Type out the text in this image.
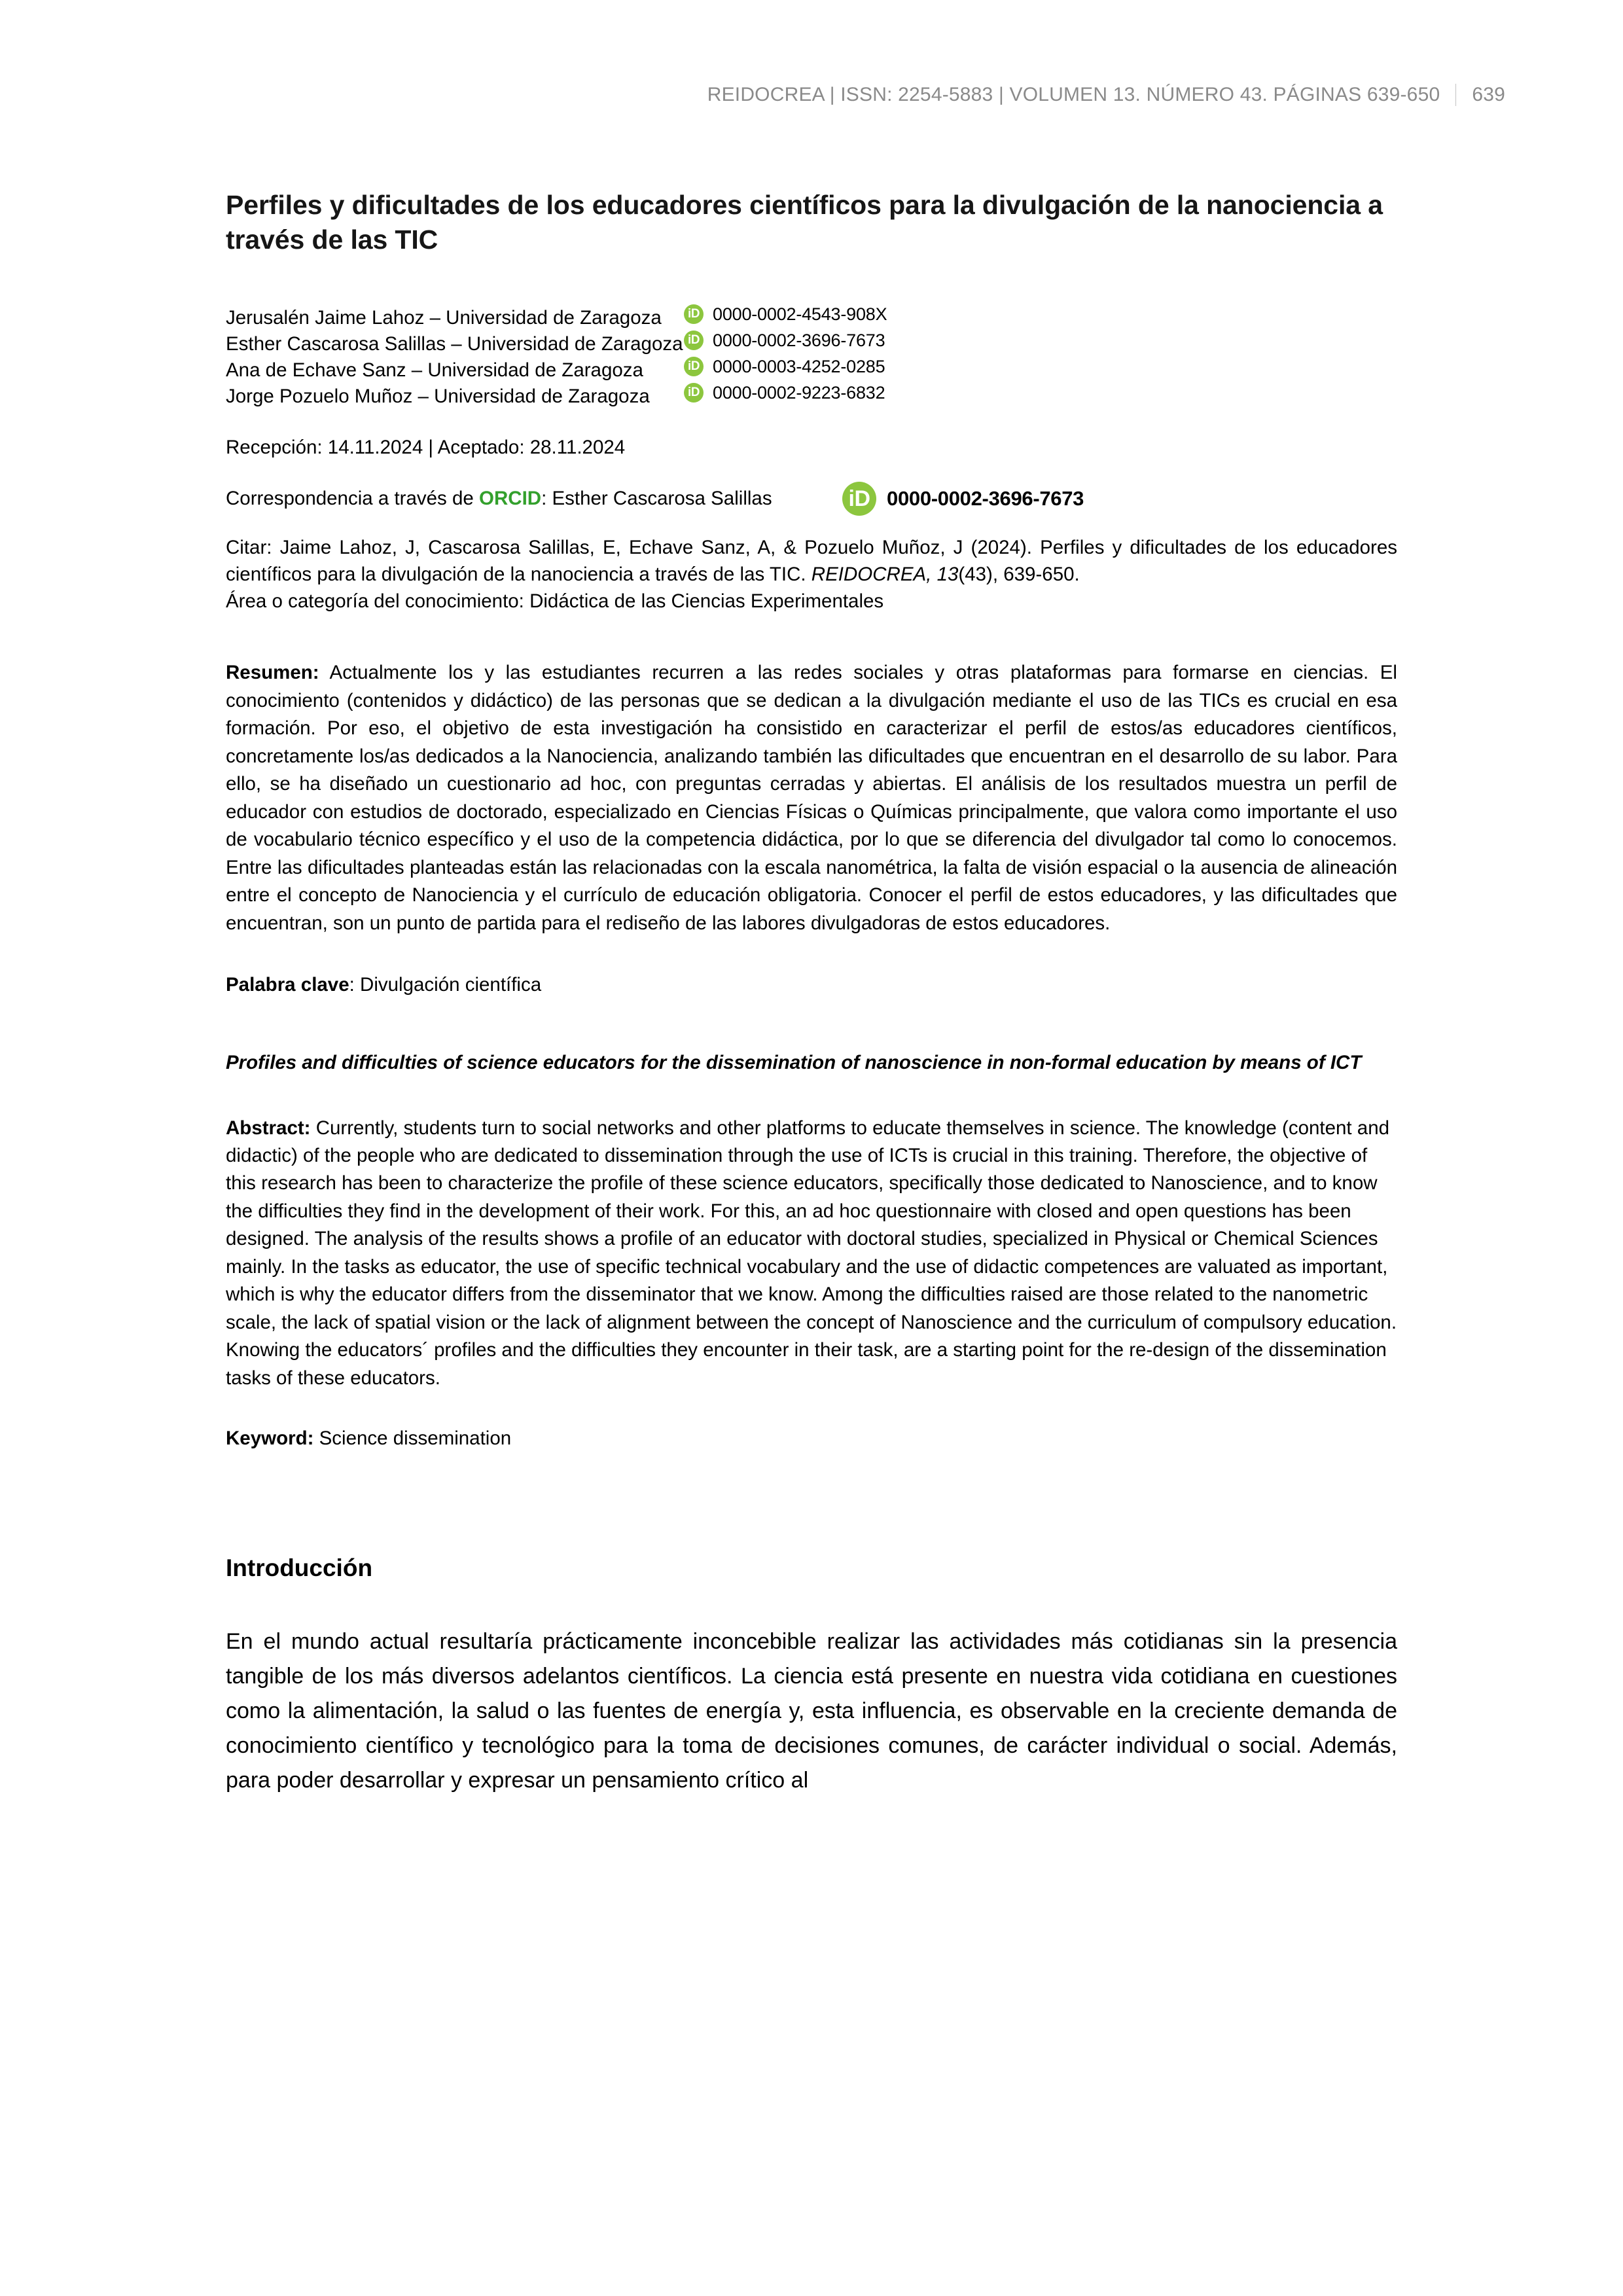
REIDOCREA | ISSN: 2254-5883 | VOLUMEN 13. NÚMERO 43. PÁGINAS 639-650 639
Perfiles y dificultades de los educadores científicos para la divulgación de la nanociencia a través de las TIC
Jerusalén Jaime Lahoz – Universidad de Zaragoza	iD 0000-0002-4543-908X
Esther Cascarosa Salillas – Universidad de Zaragoza iD 0000-0002-3696-7673
Ana de Echave Sanz – Universidad de Zaragoza	iD 0000-0003-4252-0285
Jorge Pozuelo Muñoz – Universidad de Zaragoza	iD 0000-0002-9223-6832
Recepción: 14.11.2024 | Aceptado: 28.11.2024
Correspondencia a través de ORCID: Esther Cascarosa Salillas	iD 0000-0002-3696-7673
Citar: Jaime Lahoz, J, Cascarosa Salillas, E, Echave Sanz, A, & Pozuelo Muñoz, J (2024). Perfiles y dificultades de los educadores científicos para la divulgación de la nanociencia a través de las TIC. REIDOCREA, 13(43), 639-650.
Área o categoría del conocimiento: Didáctica de las Ciencias Experimentales
Resumen: Actualmente los y las estudiantes recurren a las redes sociales y otras plataformas para formarse en ciencias. El conocimiento (contenidos y didáctico) de las personas que se dedican a la divulgación mediante el uso de las TICs es crucial en esa formación. Por eso, el objetivo de esta investigación ha consistido en caracterizar el perfil de estos/as educadores científicos, concretamente los/as dedicados a la Nanociencia, analizando también las dificultades que encuentran en el desarrollo de su labor. Para ello, se ha diseñado un cuestionario ad hoc, con preguntas cerradas y abiertas. El análisis de los resultados muestra un perfil de educador con estudios de doctorado, especializado en Ciencias Físicas o Químicas principalmente, que valora como importante el uso de vocabulario técnico específico y el uso de la competencia didáctica, por lo que se diferencia del divulgador tal como lo conocemos. Entre las dificultades planteadas están las relacionadas con la escala nanométrica, la falta de visión espacial o la ausencia de alineación entre el concepto de Nanociencia y el currículo de educación obligatoria. Conocer el perfil de estos educadores, y las dificultades que encuentran, son un punto de partida para el rediseño de las labores divulgadoras de estos educadores.
Palabra clave: Divulgación científica
Profiles and difficulties of science educators for the dissemination of nanoscience in non-formal education by means of ICT
Abstract: Currently, students turn to social networks and other platforms to educate themselves in science. The knowledge (content and didactic) of the people who are dedicated to dissemination through the use of ICTs is crucial in this training. Therefore, the objective of this research has been to characterize the profile of these science educators, specifically those dedicated to Nanoscience, and to know the difficulties they find in the development of their work. For this, an ad hoc questionnaire with closed and open questions has been designed. The analysis of the results shows a profile of an educator with doctoral studies, specialized in Physical or Chemical Sciences mainly. In the tasks as educator, the use of specific technical vocabulary and the use of didactic competences are valuated as important, which is why the educator differs from the disseminator that we know. Among the difficulties raised are those related to the nanometric scale, the lack of spatial vision or the lack of alignment between the concept of Nanoscience and the curriculum of compulsory education. Knowing the educators´ profiles and the difficulties they encounter in their task, are a starting point for the re-design of the dissemination tasks of these educators.
Keyword: Science dissemination
Introducción
En el mundo actual resultaría prácticamente inconcebible realizar las actividades más cotidianas sin la presencia tangible de los más diversos adelantos científicos. La ciencia está presente en nuestra vida cotidiana en cuestiones como la alimentación, la salud o las fuentes de energía y, esta influencia, es observable en la creciente demanda de conocimiento científico y tecnológico para la toma de decisiones comunes, de carácter individual o social. Además, para poder desarrollar y expresar un pensamiento crítico al
